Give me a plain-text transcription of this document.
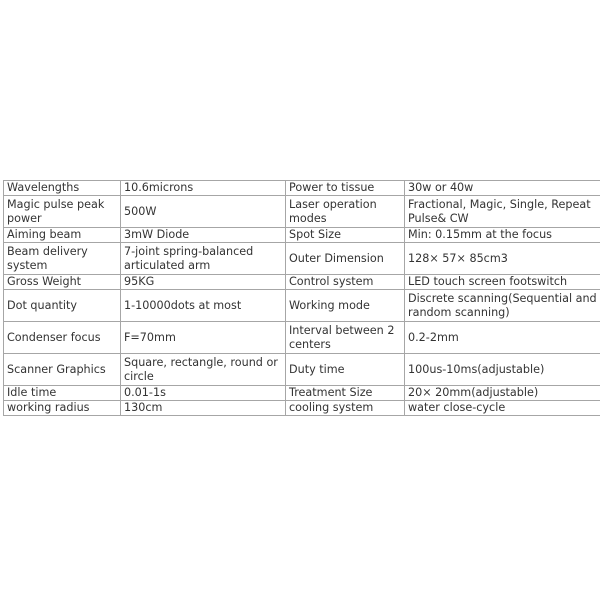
Wavelengths	10.6microns	Power to tissue	30w or 40w
Magic pulse peak power	500W	Laser operation modes	Fractional, Magic, Single, Repeat Pulse& CW
Aiming beam	3mW Diode	Spot Size	Min: 0.15mm at the focus
Beam delivery system	7-joint spring-balanced articulated arm	Outer Dimension	128× 57× 85cm3
Gross Weight	95KG	Control system	LED touch screen footswitch
Dot quantity	1-10000dots at most	Working mode	Discrete scanning(Sequential and random scanning)
Condenser focus	F=70mm	Interval between 2 centers	0.2-2mm
Scanner Graphics	Square, rectangle, round or circle	Duty time	100us-10ms(adjustable)
Idle time	0.01-1s	Treatment Size	20× 20mm(adjustable)
working radius	130cm	cooling system	water close-cycle
